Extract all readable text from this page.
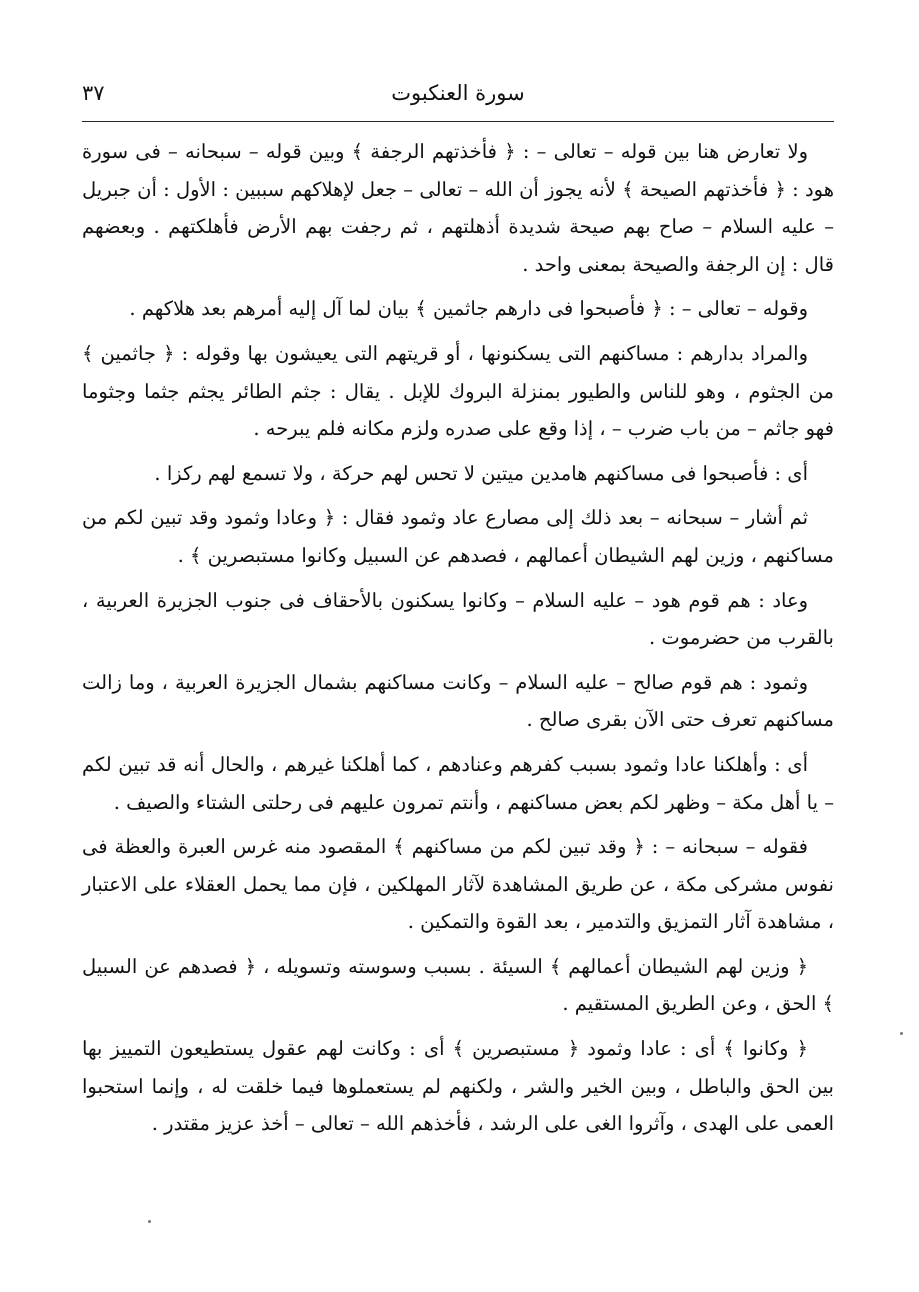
سورة العنكبوت
٣٧

ولا تعارض هنا بين قوله – تعالى – : ﴿ فأخذتهم الرجفة ﴾ وبين قوله – سبحانه – فى سورة هود : ﴿ فأخذتهم الصيحة ﴾ لأنه يجوز أن الله – تعالى – جعل لإهلاكهم سببين : الأول : أن جبريل – عليه السلام – صاح بهم صيحة شديدة أذهلتهم ، ثم رجفت بهم الأرض فأهلكتهم . وبعضهم قال : إن الرجفة والصيحة بمعنى واحد .

وقوله – تعالى – : ﴿ فأصبحوا فى دارهم جاثمين ﴾ بيان لما آل إليه أمرهم بعد هلاكهم .

والمراد بدارهم : مساكنهم التى يسكنونها ، أو قريتهم التى يعيشون بها وقوله : ﴿ جاثمين ﴾ من الجثوم ، وهو للناس والطيور بمنزلة البروك للإبل . يقال : جثم الطائر يجثم جثما وجثوما فهو جاثم – من باب ضرب – ، إذا وقع على صدره ولزم مكانه فلم يبرحه .

أى : فأصبحوا فى مساكنهم هامدين ميتين لا تحس لهم حركة ، ولا تسمع لهم ركزا .

ثم أشار – سبحانه – بعد ذلك إلى مصارع عاد وثمود فقال : ﴿ وعادا وثمود وقد تبين لكم من مساكنهم ، وزين لهم الشيطان أعمالهم ، فصدهم عن السبيل وكانوا مستبصرين ﴾ .

وعاد : هم قوم هود – عليه السلام – وكانوا يسكنون بالأحقاف فى جنوب الجزيرة العربية ، بالقرب من حضرموت .

وثمود : هم قوم صالح – عليه السلام – وكانت مساكنهم بشمال الجزيرة العربية ، وما زالت مساكنهم تعرف حتى الآن بقرى صالح .

أى : وأهلكنا عادا وثمود بسبب كفرهم وعنادهم ، كما أهلكنا غيرهم ، والحال أنه قد تبين لكم – يا أهل مكة – وظهر لكم بعض مساكنهم ، وأنتم تمرون عليهم فى رحلتى الشتاء والصيف .

فقوله – سبحانه – : ﴿ وقد تبين لكم من مساكنهم ﴾ المقصود منه غرس العبرة والعظة فى نفوس مشركى مكة ، عن طريق المشاهدة لآثار المهلكين ، فإن مما يحمل العقلاء على الاعتبار ، مشاهدة آثار التمزيق والتدمير ، بعد القوة والتمكين .

﴿ وزين لهم الشيطان أعمالهم ﴾ السيئة . بسبب وسوسته وتسويله ، ﴿ فصدهم عن السبيل ﴾ الحق ، وعن الطريق المستقيم .

﴿ وكانوا ﴾ أى : عادا وثمود ﴿ مستبصرين ﴾ أى : وكانت لهم عقول يستطيعون التمييز بها بين الحق والباطل ، وبين الخير والشر ، ولكنهم لم يستعملوها فيما خلقت له ، وإنما استحبوا العمى على الهدى ، وآثروا الغى على الرشد ، فأخذهم الله – تعالى – أخذ عزيز مقتدر .
